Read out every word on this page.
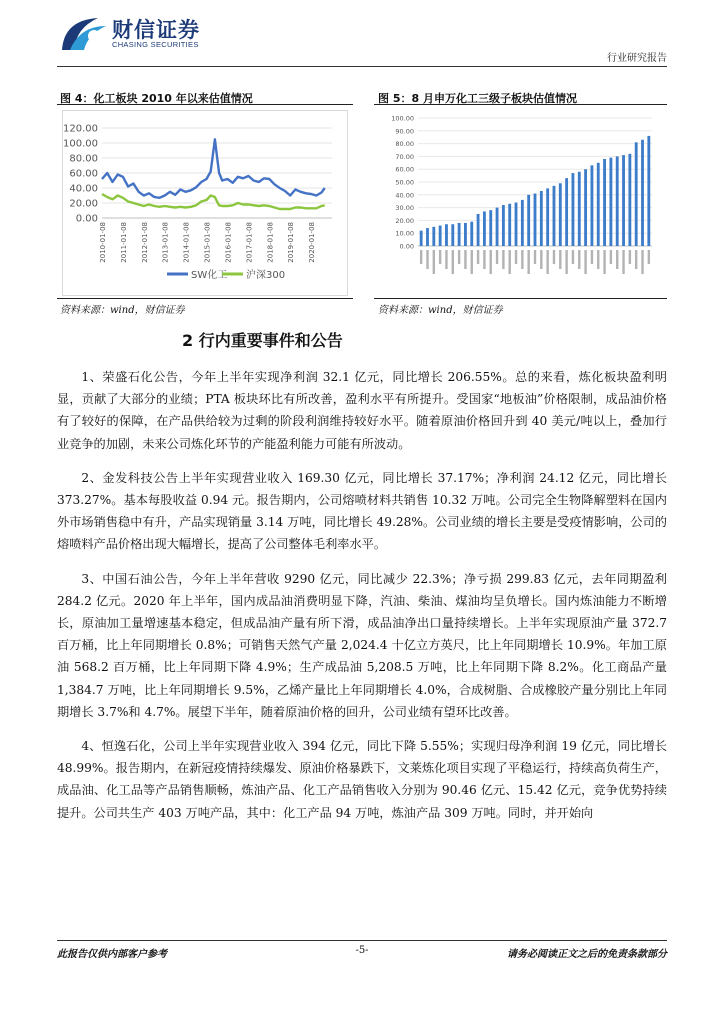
财信证券
CHASING SECURITIES
行业研究报告
图 4：化工板块 2010 年以来估值情况	图 5：8 月申万化工三级子板块估值情况
0.00
20.00
40.00
60.00
80.00
100.00
120.00
2010-01-08 2011-01-08 2012-01-08 2013-01-08 2014-01-08 2015-01-08 2016-01-08 2017-01-08 2018-01-08 2019-01-08 2020-01-08
SW化工 沪深300
0.00
10.00
20.00
30.00
40.00
50.00
60.00
70.00
80.00
90.00
100.00
资料来源：wind，财信证券	资料来源：wind，财信证券
2 行内重要事件和公告

1、荣盛石化公告，今年上半年实现净利润 32.1 亿元，同比增长 206.55%。总的来看，炼化板块盈利明显，贡献了大部分的业绩；PTA 板块环比有所改善，盈利水平有所提升。受国家“地板油”价格限制，成品油价格有了较好的保障，在产品供给较为过剩的阶段利润维持较好水平。随着原油价格回升到 40 美元/吨以上，叠加行业竞争的加剧，未来公司炼化环节的产能盈利能力可能有所波动。

2、金发科技公告上半年实现营业收入 169.30 亿元，同比增长 37.17%；净利润 24.12 亿元，同比增长 373.27%。基本每股收益 0.94 元。报告期内，公司熔喷材料共销售 10.32 万吨。公司完全生物降解塑料在国内外市场销售稳中有升，产品实现销量 3.14 万吨，同比增长 49.28%。公司业绩的增长主要是受疫情影响，公司的熔喷料产品价格出现大幅增长，提高了公司整体毛利率水平。

3、中国石油公告，今年上半年营收 9290 亿元，同比减少 22.3%；净亏损 299.83 亿元，去年同期盈利 284.2 亿元。2020 年上半年，国内成品油消费明显下降，汽油、柴油、煤油均呈负增长。国内炼油能力不断增长，原油加工量增速基本稳定，但成品油产量有所下滑，成品油净出口量持续增长。上半年实现原油产量 372.7 百万桶，比上年同期增长 0.8%；可销售天然气产量 2,024.4 十亿立方英尺，比上年同期增长 10.9%。年加工原油 568.2 百万桶，比上年同期下降 4.9%；生产成品油 5,208.5 万吨，比上年同期下降 8.2%。化工商品产量 1,384.7 万吨，比上年同期增长 9.5%，乙烯产量比上年同期增长 4.0%，合成树脂、合成橡胶产量分别比上年同期增长 3.7%和 4.7%。展望下半年，随着原油价格的回升，公司业绩有望环比改善。

4、恒逸石化，公司上半年实现营业收入 394 亿元，同比下降 5.55%；实现归母净利润 19 亿元，同比增长 48.99%。报告期内，在新冠疫情持续爆发、原油价格暴跌下，文莱炼化项目实现了平稳运行，持续高负荷生产，成品油、化工品等产品销售顺畅，炼油产品、化工产品销售收入分别为 90.46 亿元、15.42 亿元，竞争优势持续提升。公司共生产 403 万吨产品，其中：化工产品 94 万吨，炼油产品 309 万吨。同时，并开始向

此报告仅供内部客户参考	-5-	请务必阅读正文之后的免责条款部分
